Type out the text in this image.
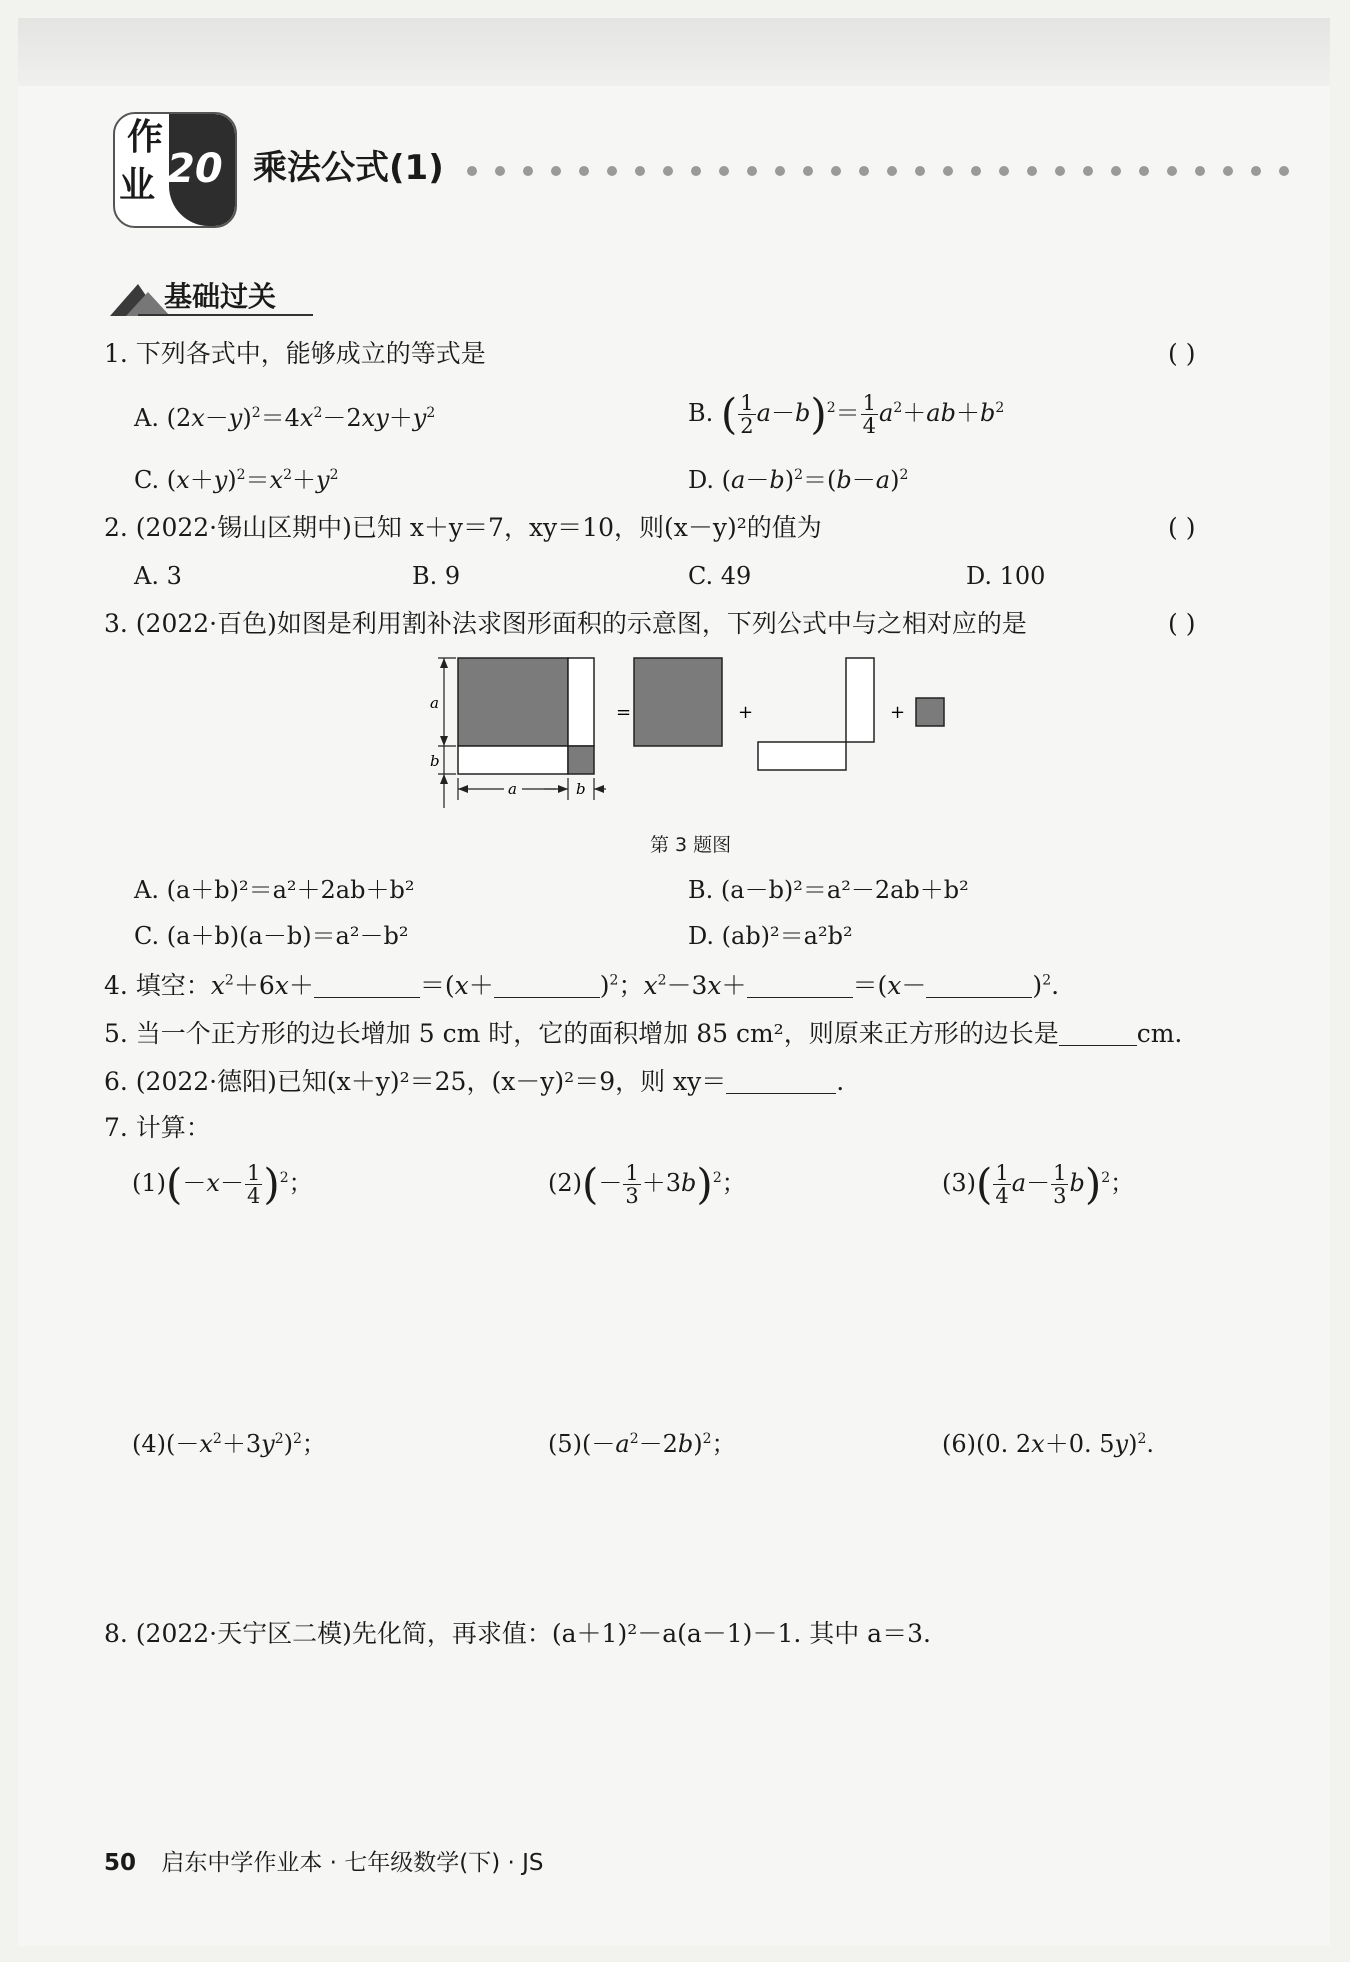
作
业 20 乘法公式(1)
基础过关
1. 下列各式中，能够成立的等式是	( )
A. $(2x-y)^2=4x^2-2xy+y^2$	B. ( $\frac{1}{2} a-b)^2= \frac{1}{4} a^2+ab+b^2$
C. $(x+y)^2=x^2+y^2$	D. $(a-b)^2=(b-a)^2$
2. (2022·锡山区期中)已知 x＋y＝7，xy＝10，则(x－y)²的值为	( )
A. 3	B. 9	C. 49	D. 100
3. (2022·百色)如图是利用割补法求图形面积的示意图，下列公式中与之相对应的是	( )
a
b
a	b
=	+	+
第 3 题图
A. (a＋b)²＝a²＋2ab＋b²	B. (a－b)²＝a²－2ab＋b²
C. (a＋b)(a－b)＝a²－b²	D. (ab)²＝a²b²
4. 填空：$x^2+6x+$	＝(x＋	)$^2$；$x^2-3x+$	＝(x－	)$^2$.
5. 当一个正方形的边长增加 5 cm 时，它的面积增加 85 cm²，则原来正方形的边长是	cm.
6. (2022·德阳)已知(x＋y)²＝25，(x－y)²＝9，则 xy＝	.
7. 计算：
$(1)(-x- \frac{1}{4} )^2$；	$(2)(- \frac{1}{3} +3b)^2$；	$(3)( \frac{1}{4} a- \frac{1}{3} b)^2$；
$(4)(-x^2+3y^2)^2$；	$(5)(-a^2-2b)^2$；	(6)(0. 2x＋0. 5y)$^2$.
8. (2022·天宁区二模)先化简，再求值：(a＋1)²－a(a－1)－1. 其中 a＝3.
50 启东中学作业本 · 七年级数学(下) · JS
